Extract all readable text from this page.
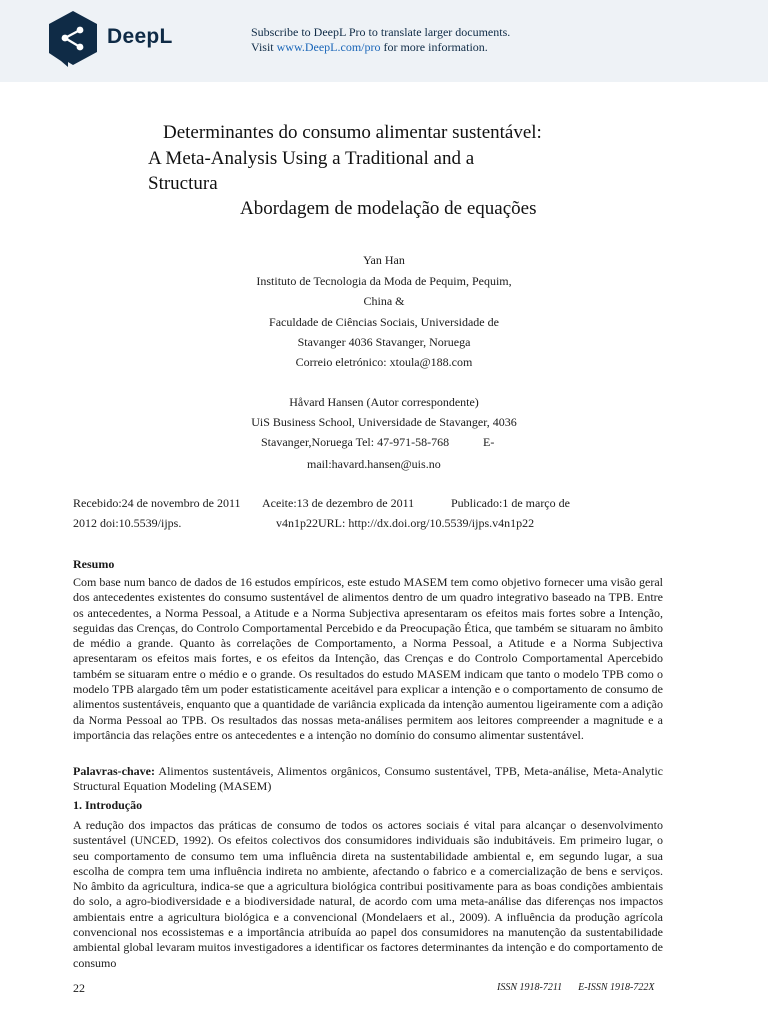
DeepL	Subscribe to DeepL Pro to translate larger documents.
Visit www.DeepL.com/pro for more information.
Determinantes do consumo alimentar sustentável:
A Meta-Analysis Using a Traditional and a
Structura
Abordagem de modelação de equações
Yan Han
Instituto de Tecnologia da Moda de Pequim, Pequim,
China &
Faculdade de Ciências Sociais, Universidade de
Stavanger 4036 Stavanger, Noruega
Correio eletrónico: xtoula@188.com
Håvard Hansen (Autor correspondente)
UiS Business School, Universidade de Stavanger, 4036
Stavanger,Noruega Tel: 47-971-58-768	E-
mail:havard.hansen@uis.no
Recebido:24 de novembro de 2011 Aceite:13 de dezembro de 2011	Publicado:1 de março de
2012 doi:10.5539/ijps.	v4n1p22URL: http://dx.doi.org/10.5539/ijps.v4n1p22
Resumo

Com base num banco de dados de 16 estudos empíricos, este estudo MASEM tem como objetivo fornecer uma visão geral dos antecedentes existentes do consumo sustentável de alimentos dentro de um quadro integrativo baseado na TPB. Entre os antecedentes, a Norma Pessoal, a Atitude e a Norma Subjectiva apresentaram os efeitos mais fortes sobre a Intenção, seguidas das Crenças, do Controlo Comportamental Percebido e da Preocupação Ética, que também se situaram no âmbito de médio a grande. Quanto às correlações de Comportamento, a Norma Pessoal, a Atitude e a Norma Subjectiva apresentaram os efeitos mais fortes, e os efeitos da Intenção, das Crenças e do Controlo Comportamental Apercebido também se situaram entre o médio e o grande. Os resultados do estudo MASEM indicam que tanto o modelo TPB como o modelo TPB alargado têm um poder estatisticamente aceitável para explicar a intenção e o comportamento de consumo de alimentos sustentáveis, enquanto que a quantidade de variância explicada da intenção aumentou ligeiramente com a adição da Norma Pessoal ao TPB. Os resultados das nossas meta-análises permitem aos leitores compreender a magnitude e a importância das relações entre os antecedentes e a intenção no domínio do consumo alimentar sustentável.

Palavras-chave: Alimentos sustentáveis, Alimentos orgânicos, Consumo sustentável, TPB, Meta-análise, Meta-Analytic Structural Equation Modeling (MASEM)

1. Introdução

A redução dos impactos das práticas de consumo de todos os actores sociais é vital para alcançar o desenvolvimento sustentável (UNCED, 1992). Os efeitos colectivos dos consumidores individuais são indubitáveis. Em primeiro lugar, o seu comportamento de consumo tem uma influência direta na sustentabilidade ambiental e, em segundo lugar, a sua escolha de compra tem uma influência indireta no ambiente, afectando o fabrico e a comercialização de bens e serviços. No âmbito da agricultura, indica-se que a agricultura biológica contribui positivamente para as boas condições ambientais do solo, a agro-biodiversidade e a biodiversidade natural, de acordo com uma meta-análise das diferenças nos impactos ambientais entre a agricultura biológica e a convencional (Mondelaers et al., 2009). A influência da produção agrícola convencional nos ecossistemas e a importância atribuída ao papel dos consumidores na manutenção da sustentabilidade ambiental global levaram muitos investigadores a identificar os factores determinantes da intenção e do comportamento de consumo

22	ISSN 1918-7211 E-ISSN 1918-722X
